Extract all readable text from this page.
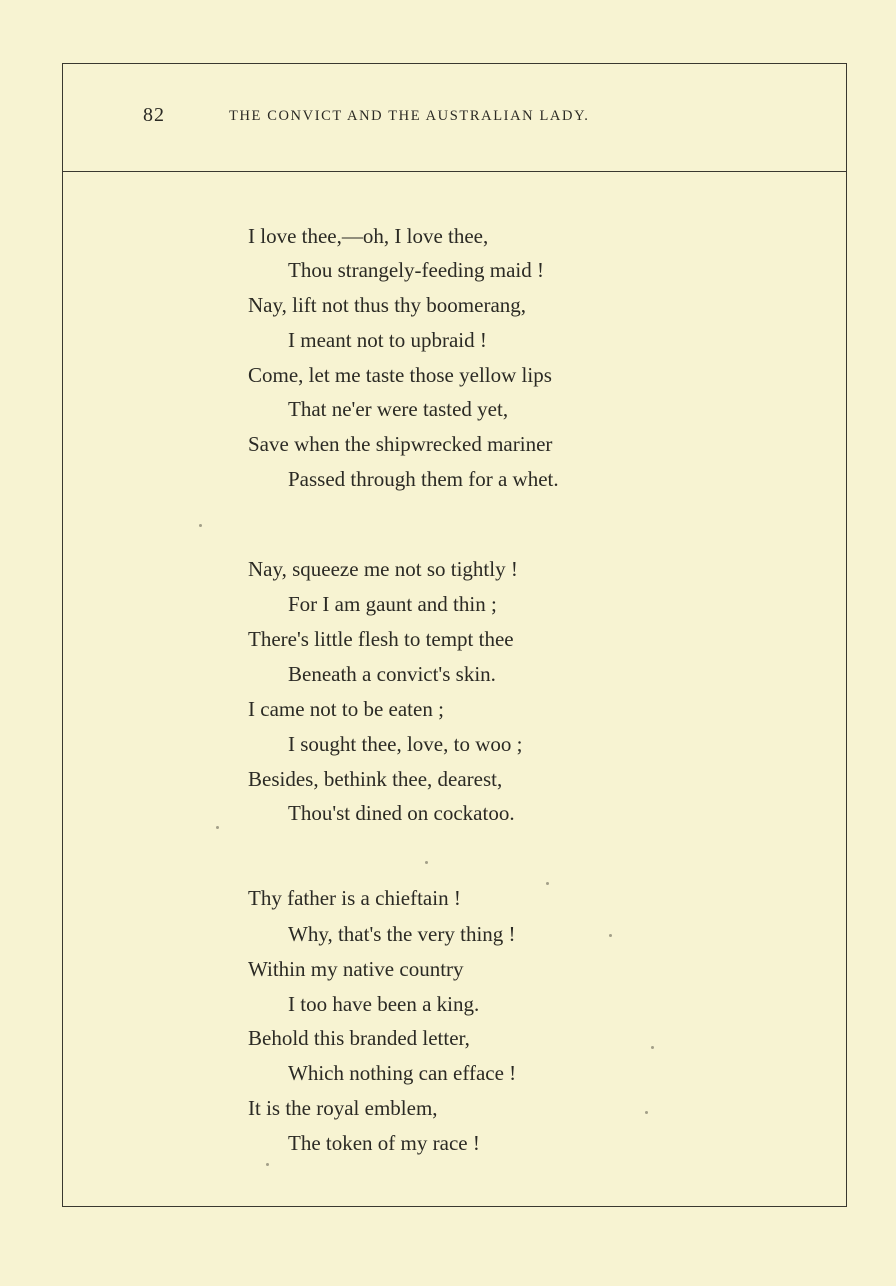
82	THE CONVICT AND THE AUSTRALIAN LADY.
I love thee,—oh, I love thee,
Thou strangely-feeding maid !
Nay, lift not thus thy boomerang,
I meant not to upbraid !
Come, let me taste those yellow lips
That ne'er were tasted yet,
Save when the shipwrecked mariner
Passed through them for a whet.
Nay, squeeze me not so tightly !
For I am gaunt and thin ;
There's little flesh to tempt thee
Beneath a convict's skin.
I came not to be eaten ;
I sought thee, love, to woo ;
Besides, bethink thee, dearest,
Thou'st dined on cockatoo.
Thy father is a chieftain !
Why, that's the very thing !
Within my native country
I too have been a king.
Behold this branded letter,
Which nothing can efface !
It is the royal emblem,
The token of my race !
